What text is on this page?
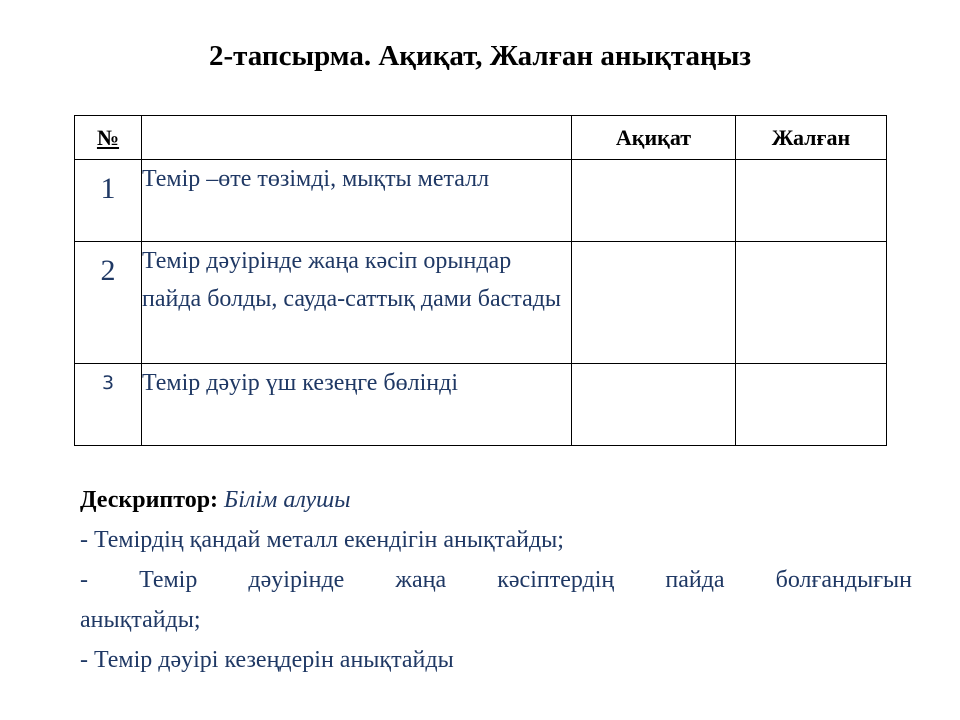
2-тапсырма. Ақиқат, Жалған анықтаңыз
№		Ақиқат	Жалған
1	Темір –өте төзімді, мықты металл		
2	Темір дәуірінде жаңа кәсіп орындар пайда болды, сауда-саттық дами бастады		
3	Темір дәуір үш кезеңге бөлінді		
Дескриптор: Білім алушы
- Темірдің қандай металл екендігін анықтайды;
- Темір дәуірінде жаңа кәсіптердің пайда болғандығын
анықтайды;
- Темір дәуірі кезеңдерін анықтайды
